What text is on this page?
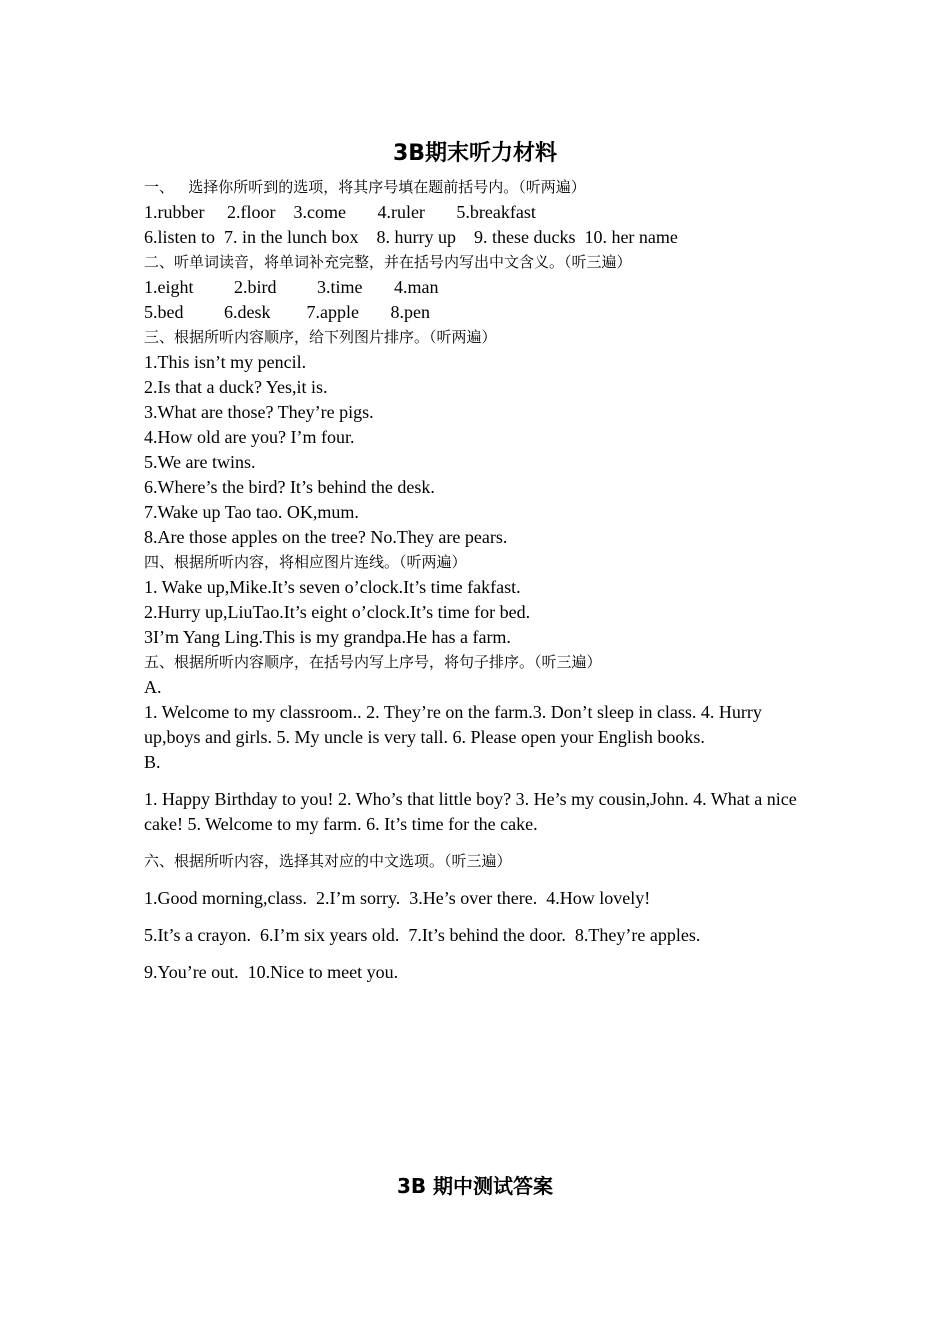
3B期末听力材料
一、   选择你所听到的选项，将其序号填在题前括号内。（听两遍）
1.rubber     2.floor    3.come       4.ruler       5.breakfast
6.listen to  7. in the lunch box    8. hurry up    9. these ducks  10. her name
二、听单词读音，将单词补充完整，并在括号内写出中文含义。（听三遍）
1.eight         2.bird         3.time       4.man
5.bed         6.desk        7.apple       8.pen
三、根据所听内容顺序，给下列图片排序。（听两遍）
1.This isn’t my pencil.
2.Is that a duck? Yes,it is.
3.What are those? They’re pigs.
4.How old are you? I’m four.
5.We are twins.
6.Where’s the bird? It’s behind the desk.
7.Wake up Tao tao. OK,mum.
8.Are those apples on the tree? No.They are pears.
四、根据所听内容，将相应图片连线。（听两遍）
1. Wake up,Mike.It’s seven o’clock.It’s time fakfast.
2.Hurry up,LiuTao.It’s eight o’clock.It’s time for bed.
3I’m Yang Ling.This is my grandpa.He has a farm.
五、根据所听内容顺序，在括号内写上序号，将句子排序。（听三遍）
A.
1. Welcome to my classroom.. 2. They’re on the farm.3. Don’t sleep in class. 4. Hurry up,boys and girls. 5. My uncle is very tall. 6. Please open your English books.
B.
1. Happy Birthday to you! 2. Who’s that little boy? 3. He’s my cousin,John. 4. What a nice cake! 5. Welcome to my farm. 6. It’s time for the cake.
六、根据所听内容，选择其对应的中文选项。（听三遍）
1.Good morning,class.  2.I’m sorry.  3.He’s over there.  4.How lovely!
5.It’s a crayon.  6.I’m six years old.  7.It’s behind the door.  8.They’re apples.
9.You’re out.  10.Nice to meet you.
3B 期中测试答案
